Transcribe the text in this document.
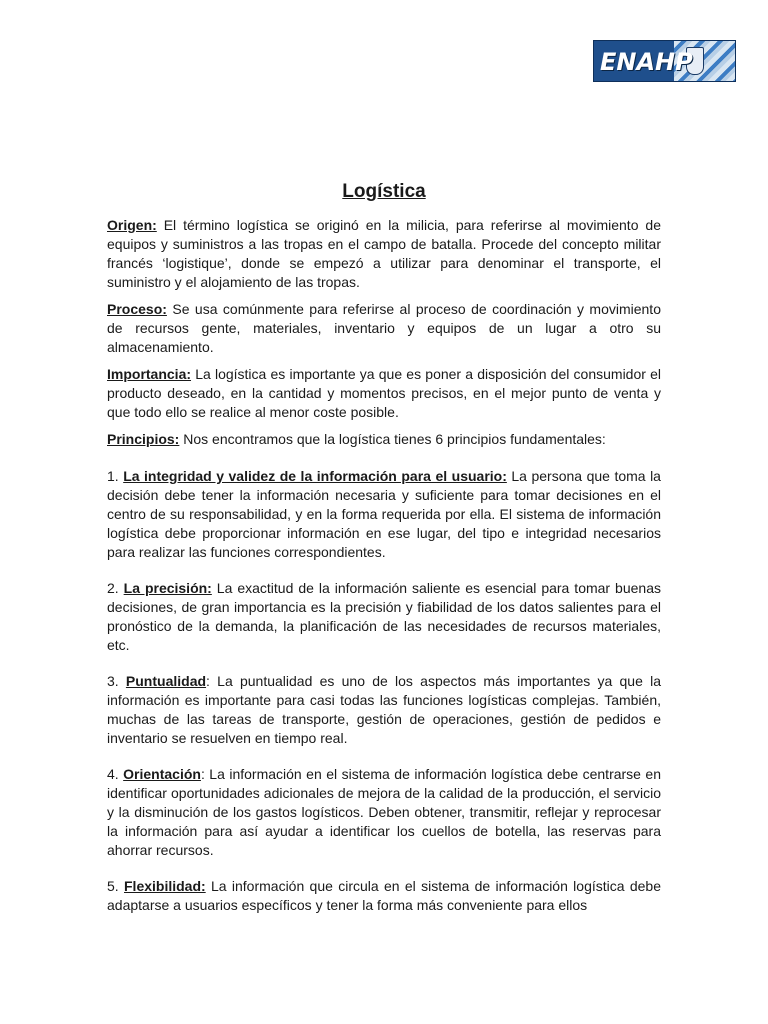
ENAHP
Logística

Origen: El término logística se originó en la milicia, para referirse al movimiento de equipos y suministros a las tropas en el campo de batalla. Procede del concepto militar francés ‘logistique’, donde se empezó a utilizar para denominar el transporte, el suministro y el alojamiento de las tropas.

Proceso: Se usa comúnmente para referirse al proceso de coordinación y movimiento de recursos gente, materiales, inventario y equipos de un lugar a otro su almacenamiento.

Importancia: La logística es importante ya que es poner a disposición del consumidor el producto deseado, en la cantidad y momentos precisos, en el mejor punto de venta y que todo ello se realice al menor coste posible.

Principios: Nos encontramos que la logística tienes 6 principios fundamentales:

1. La integridad y validez de la información para el usuario: La persona que toma la decisión debe tener la información necesaria y suficiente para tomar decisiones en el centro de su responsabilidad, y en la forma requerida por ella. El sistema de información logística debe proporcionar información en ese lugar, del tipo e integridad necesarios para realizar las funciones correspondientes.

2. La precisión: La exactitud de la información saliente es esencial para tomar buenas decisiones, de gran importancia es la precisión y fiabilidad de los datos salientes para el pronóstico de la demanda, la planificación de las necesidades de recursos materiales, etc.

3. Puntualidad: La puntualidad es uno de los aspectos más importantes ya que la información es importante para casi todas las funciones logísticas complejas. También, muchas de las tareas de transporte, gestión de operaciones, gestión de pedidos e inventario se resuelven en tiempo real.

4. Orientación: La información en el sistema de información logística debe centrarse en identificar oportunidades adicionales de mejora de la calidad de la producción, el servicio y la disminución de los gastos logísticos. Deben obtener, transmitir, reflejar y reprocesar la información para así ayudar a identificar los cuellos de botella, las reservas para ahorrar recursos.

5. Flexibilidad: La información que circula en el sistema de información logística debe adaptarse a usuarios específicos y tener la forma más conveniente para ellos
